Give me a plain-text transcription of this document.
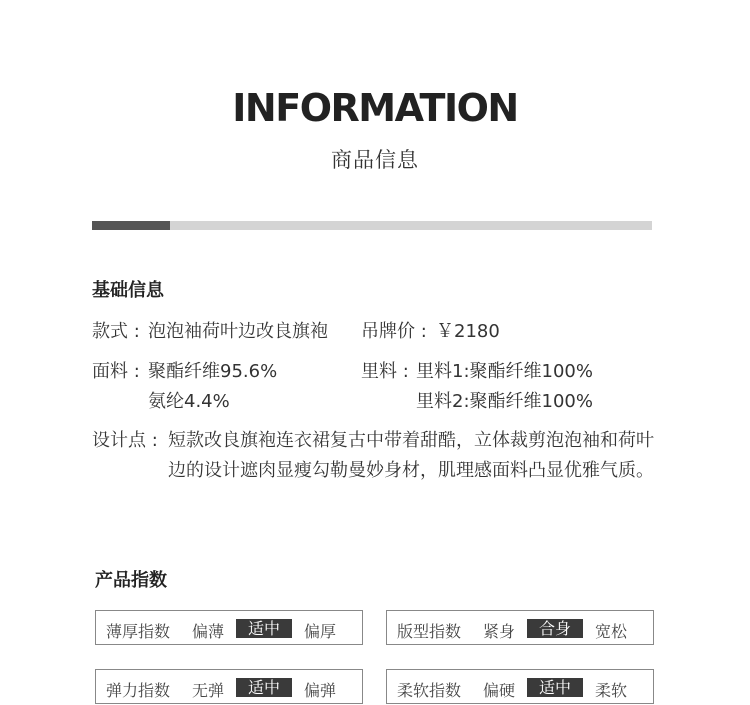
INFORMATION
商品信息
基础信息
款式 : 泡泡袖荷叶边改良旗袍 吊牌价 : ￥2180
面料 : 聚酯纤维95.6%
氨纶4.4%
里料 : 里料1:聚酯纤维100%
里料2:聚酯纤维100%
设计点 : 短款改良旗袍连衣裙复古中带着甜酷，立体裁剪泡泡袖和荷叶边的设计遮肉显瘦勾勒曼妙身材，肌理感面料凸显优雅气质。
产品指数
薄厚指数 偏薄	适中	偏厚	版型指数 紧身	合身	宽松
弹力指数 无弹	适中	偏弹	柔软指数 偏硬	适中	柔软
